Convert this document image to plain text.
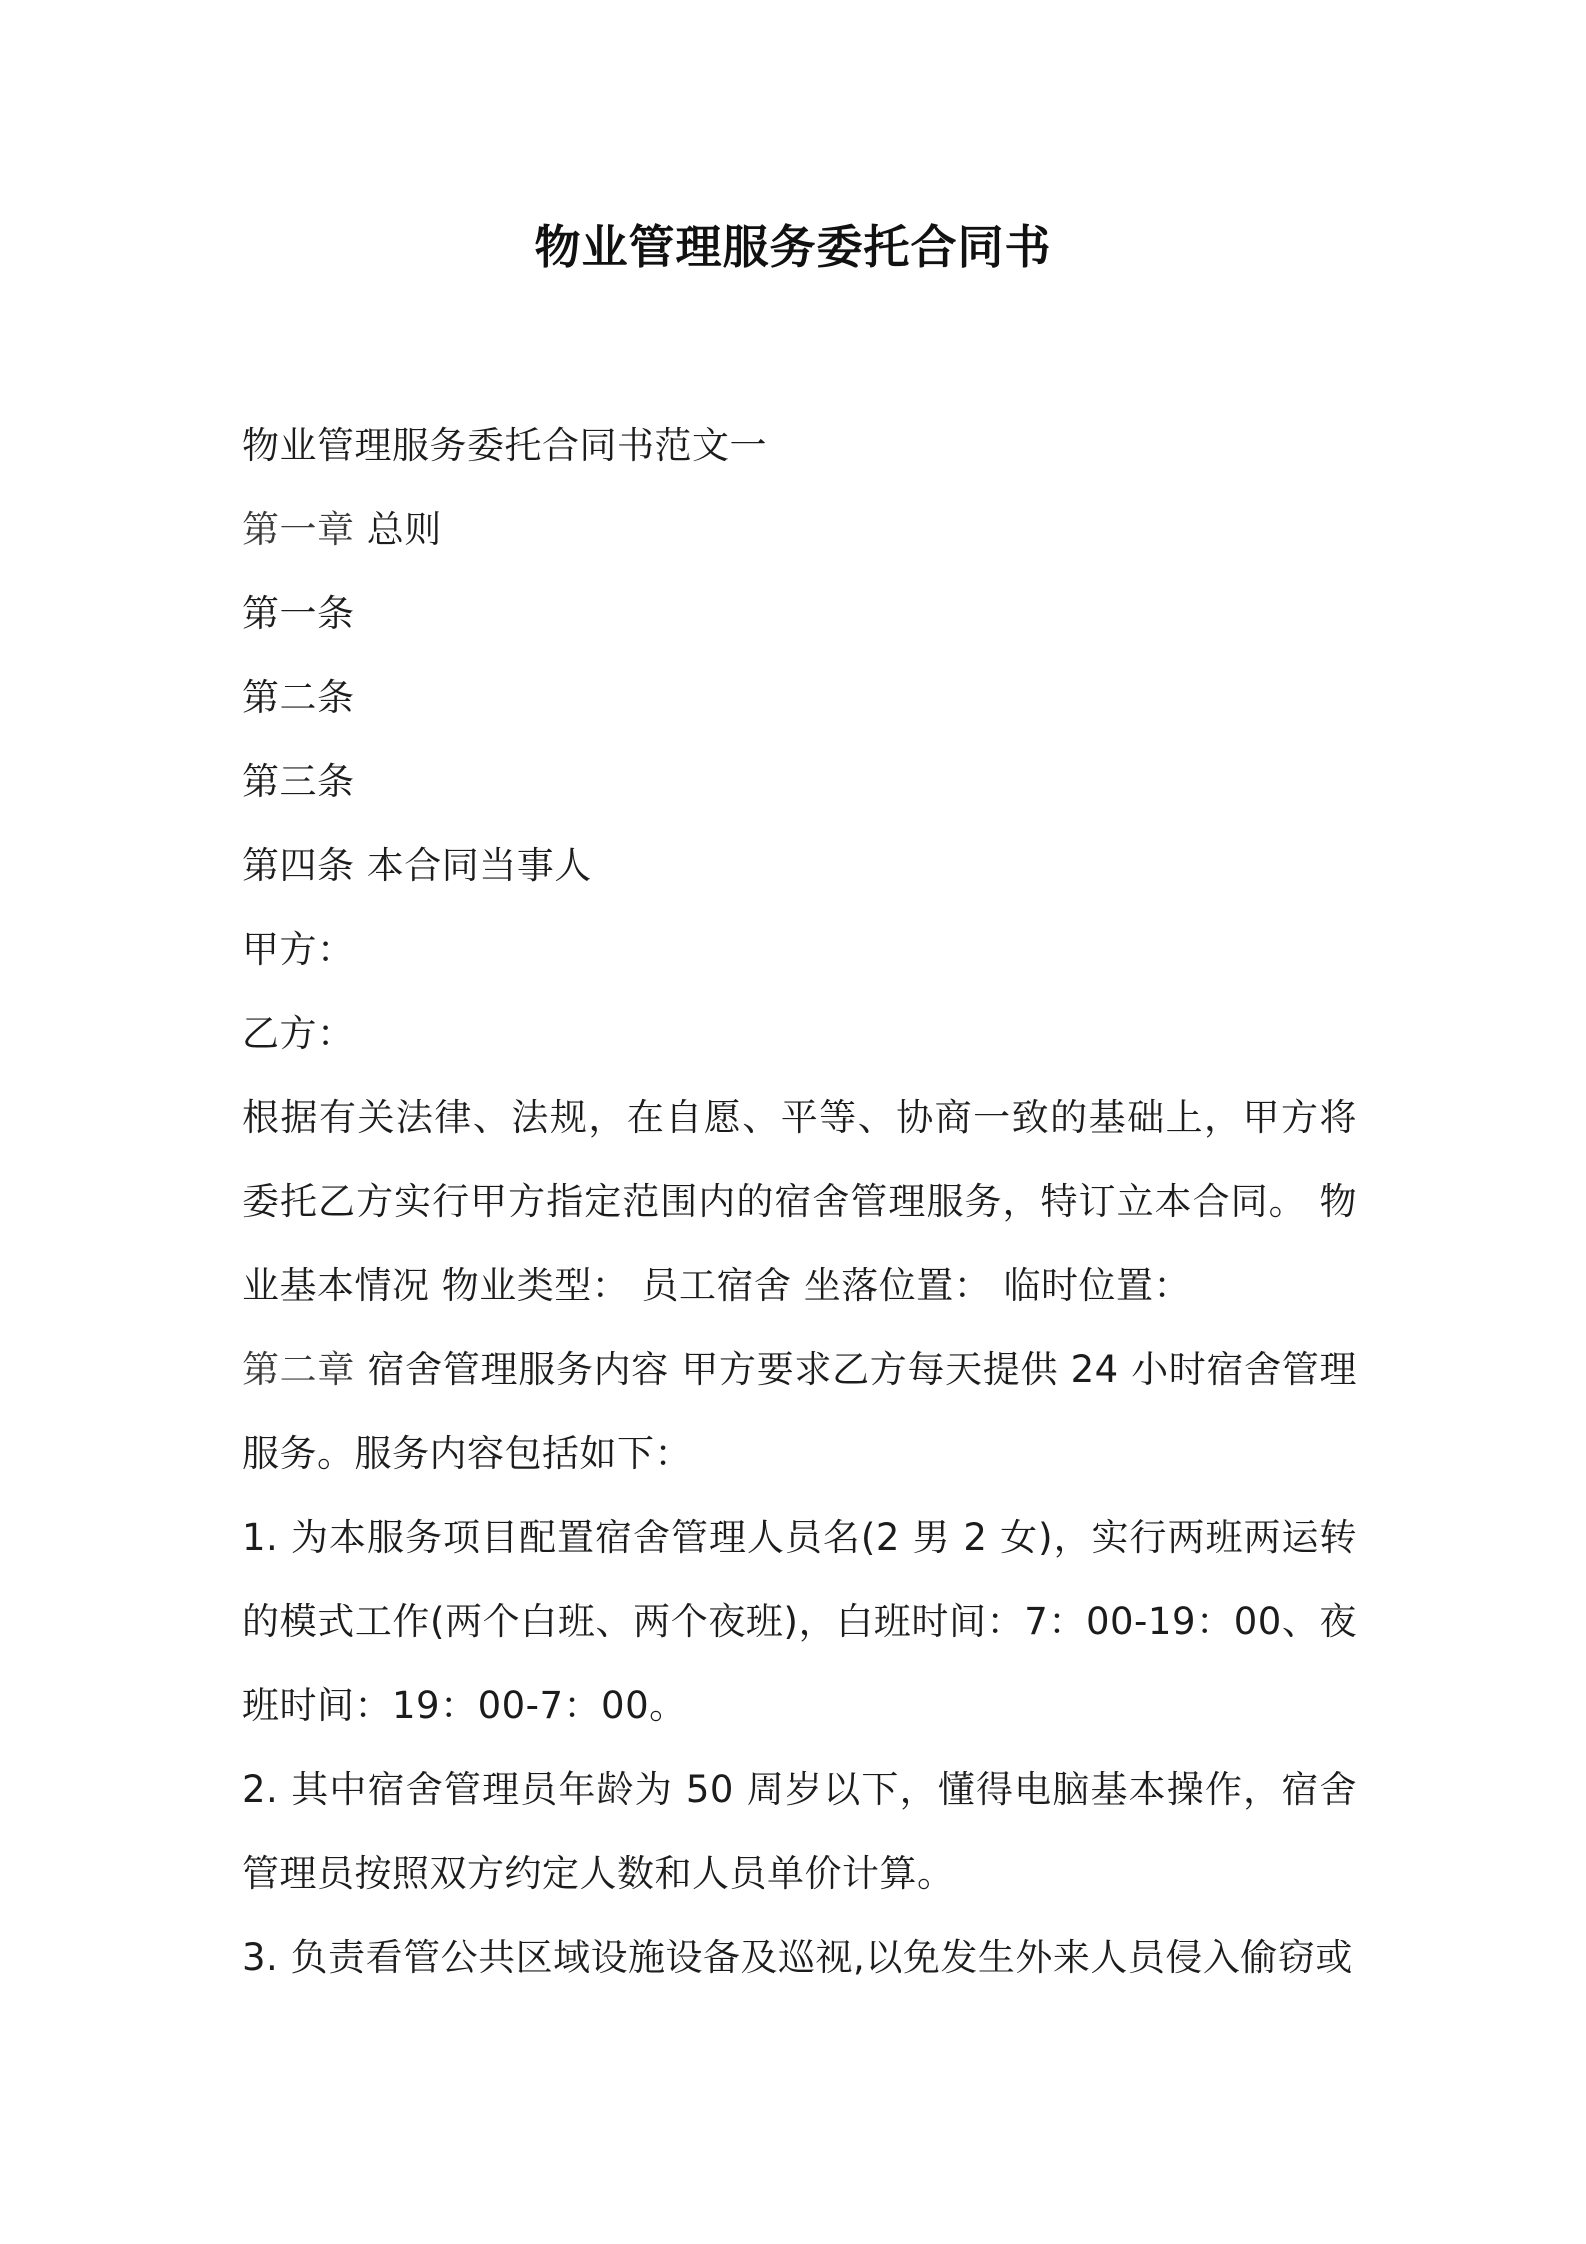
物业管理服务委托合同书

物业管理服务委托合同书范文一

第一章 总则

第一条

第二条

第三条

第四条 本合同当事人

甲方：

乙方：

根据有关法律、法规，在自愿、平等、协商一致的基础上，甲方将委托乙方实行甲方指定范围内的宿舍管理服务，特订立本合同。 物业基本情况 物业类型： 员工宿舍 坐落位置： 临时位置：

第二章 宿舍管理服务内容 甲方要求乙方每天提供 24 小时宿舍管理服务。服务内容包括如下：

1. 为本服务项目配置宿舍管理人员名(2 男 2 女)，实行两班两运转的模式工作(两个白班、两个夜班)，白班时间：7：00-19：00、夜班时间：19：00-7：00。

2. 其中宿舍管理员年龄为 50 周岁以下，懂得电脑基本操作，宿舍管理员按照双方约定人数和人员单价计算。

3. 负责看管公共区域设施设备及巡视,以免发生外来人员侵入偷窃或
